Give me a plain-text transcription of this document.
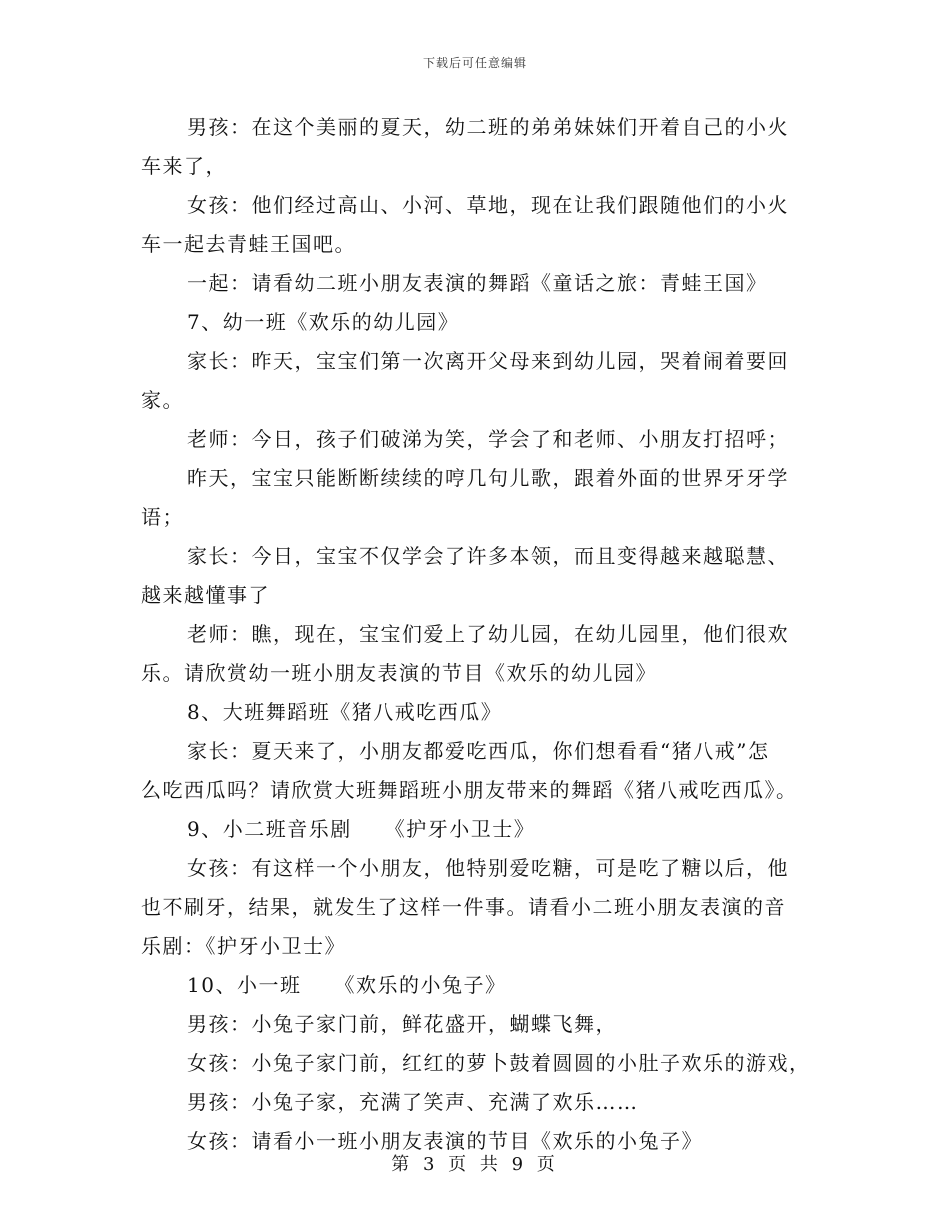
下载后可任意编辑
男孩：在这个美丽的夏天，幼二班的弟弟妹妹们开着自己的小火
车来了，
女孩：他们经过高山、小河、草地，现在让我们跟随他们的小火
车一起去青蛙王国吧。
一起：请看幼二班小朋友表演的舞蹈《童话之旅：青蛙王国》
7、幼一班《欢乐的幼儿园》
家长：昨天，宝宝们第一次离开父母来到幼儿园，哭着闹着要回
家。
老师：今日，孩子们破涕为笑，学会了和老师、小朋友打招呼；
昨天，宝宝只能断断续续的哼几句儿歌，跟着外面的世界牙牙学
语；
家长：今日，宝宝不仅学会了许多本领，而且变得越来越聪慧、
越来越懂事了
老师：瞧，现在，宝宝们爱上了幼儿园，在幼儿园里，他们很欢
乐。请欣赏幼一班小朋友表演的节目《欢乐的幼儿园》
8、大班舞蹈班《猪八戒吃西瓜》
家长：夏天来了，小朋友都爱吃西瓜，你们想看看“猪八戒”怎
么吃西瓜吗？请欣赏大班舞蹈班小朋友带来的舞蹈《猪八戒吃西瓜》。
9、小二班音乐剧　　《护牙小卫士》
女孩：有这样一个小朋友，他特别爱吃糖，可是吃了糖以后，他
也不刷牙，结果，就发生了这样一件事。请看小二班小朋友表演的音
乐剧：《护牙小卫士》
10、小一班　　《欢乐的小兔子》
男孩：小兔子家门前，鲜花盛开，蝴蝶飞舞，
女孩：小兔子家门前，红红的萝卜鼓着圆圆的小肚子欢乐的游戏，
男孩：小兔子家，充满了笑声、充满了欢乐……
女孩：请看小一班小朋友表演的节目《欢乐的小兔子》
第 3 页 共 9 页
